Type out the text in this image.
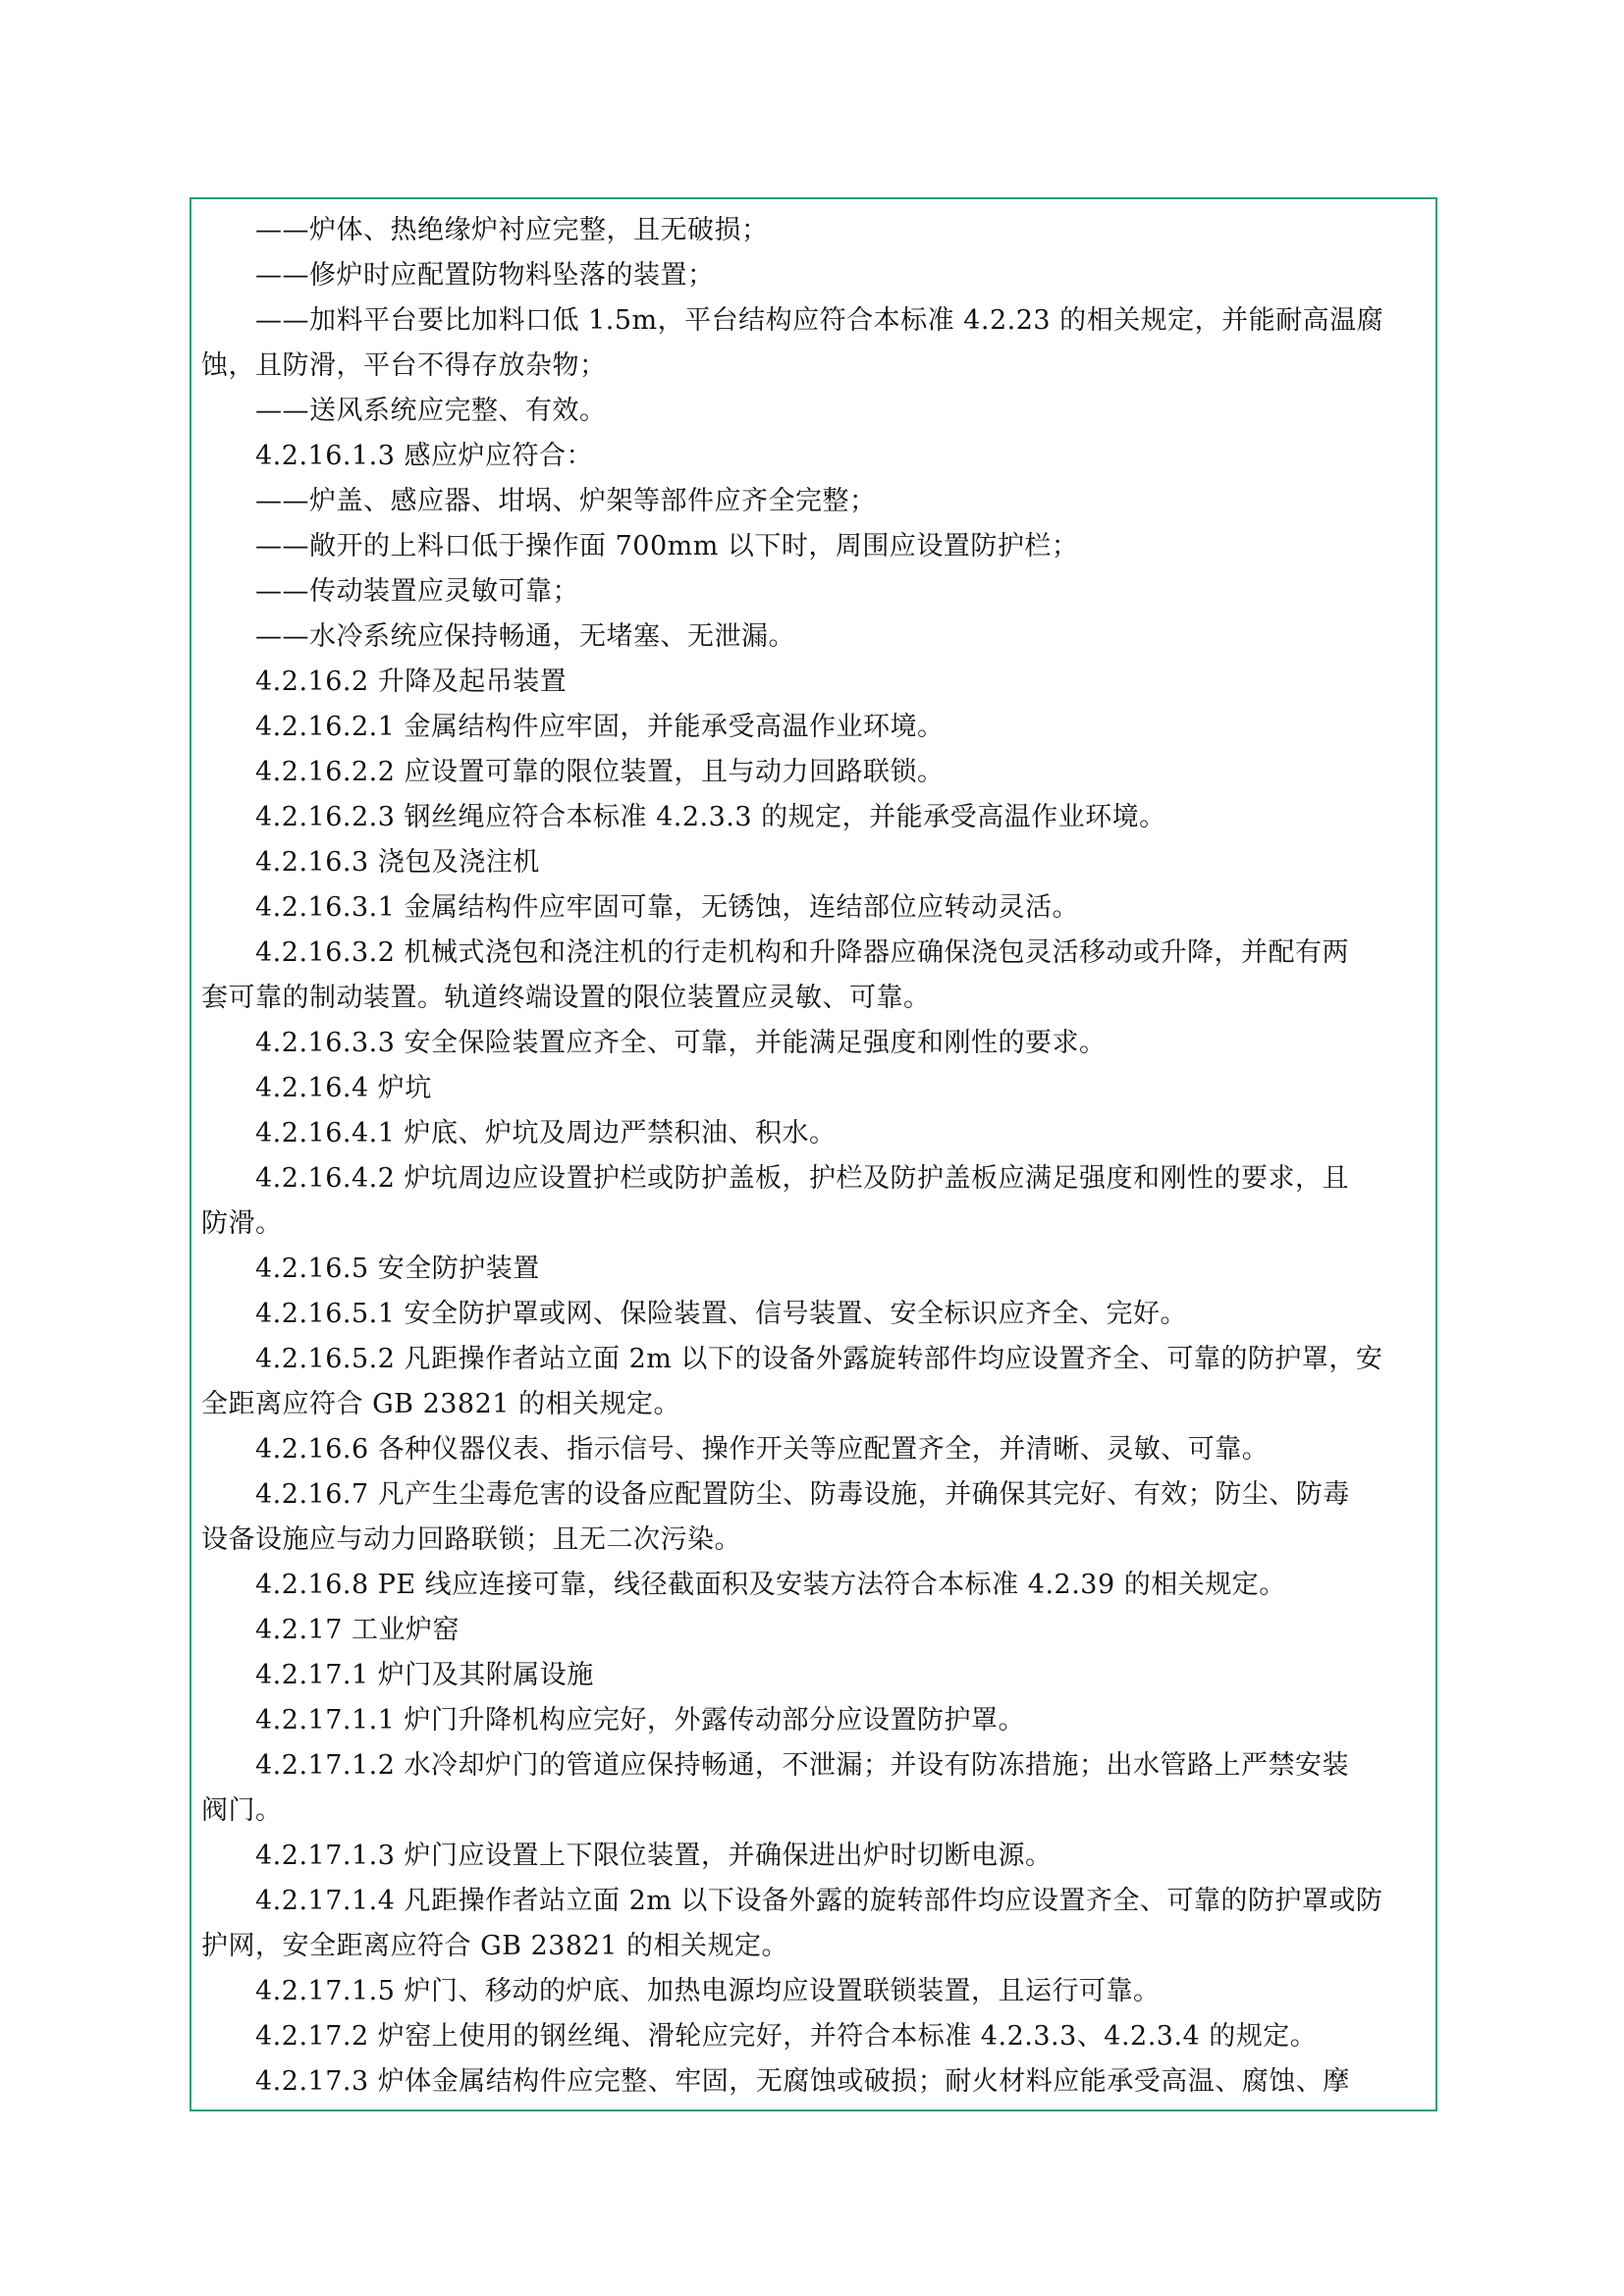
——炉体、热绝缘炉衬应完整，且无破损；
——修炉时应配置防物料坠落的装置；
——加料平台要比加料口低 1.5m，平台结构应符合本标准 4.2.23 的相关规定，并能耐高温腐
蚀，且防滑，平台不得存放杂物；
——送风系统应完整、有效。
4.2.16.1.3 感应炉应符合：
——炉盖、感应器、坩埚、炉架等部件应齐全完整；
——敞开的上料口低于操作面 700mm 以下时，周围应设置防护栏；
——传动装置应灵敏可靠；
——水冷系统应保持畅通，无堵塞、无泄漏。
4.2.16.2 升降及起吊装置
4.2.16.2.1 金属结构件应牢固，并能承受高温作业环境。
4.2.16.2.2 应设置可靠的限位装置，且与动力回路联锁。
4.2.16.2.3 钢丝绳应符合本标准 4.2.3.3 的规定，并能承受高温作业环境。
4.2.16.3 浇包及浇注机
4.2.16.3.1 金属结构件应牢固可靠，无锈蚀，连结部位应转动灵活。
4.2.16.3.2 机械式浇包和浇注机的行走机构和升降器应确保浇包灵活移动或升降，并配有两
套可靠的制动装置。轨道终端设置的限位装置应灵敏、可靠。
4.2.16.3.3 安全保险装置应齐全、可靠，并能满足强度和刚性的要求。
4.2.16.4 炉坑
4.2.16.4.1 炉底、炉坑及周边严禁积油、积水。
4.2.16.4.2 炉坑周边应设置护栏或防护盖板，护栏及防护盖板应满足强度和刚性的要求，且
防滑。
4.2.16.5 安全防护装置
4.2.16.5.1 安全防护罩或网、保险装置、信号装置、安全标识应齐全、完好。
4.2.16.5.2 凡距操作者站立面 2m 以下的设备外露旋转部件均应设置齐全、可靠的防护罩，安
全距离应符合 GB 23821 的相关规定。
4.2.16.6 各种仪器仪表、指示信号、操作开关等应配置齐全，并清晰、灵敏、可靠。
4.2.16.7 凡产生尘毒危害的设备应配置防尘、防毒设施，并确保其完好、有效；防尘、防毒
设备设施应与动力回路联锁；且无二次污染。
4.2.16.8 PE 线应连接可靠，线径截面积及安装方法符合本标准 4.2.39 的相关规定。
4.2.17 工业炉窑
4.2.17.1 炉门及其附属设施
4.2.17.1.1 炉门升降机构应完好，外露传动部分应设置防护罩。
4.2.17.1.2 水冷却炉门的管道应保持畅通，不泄漏；并设有防冻措施；出水管路上严禁安装
阀门。
4.2.17.1.3 炉门应设置上下限位装置，并确保进出炉时切断电源。
4.2.17.1.4 凡距操作者站立面 2m 以下设备外露的旋转部件均应设置齐全、可靠的防护罩或防
护网，安全距离应符合 GB 23821 的相关规定。
4.2.17.1.5 炉门、移动的炉底、加热电源均应设置联锁装置，且运行可靠。
4.2.17.2 炉窑上使用的钢丝绳、滑轮应完好，并符合本标准 4.2.3.3、4.2.3.4 的规定。
4.2.17.3 炉体金属结构件应完整、牢固，无腐蚀或破损；耐火材料应能承受高温、腐蚀、摩
